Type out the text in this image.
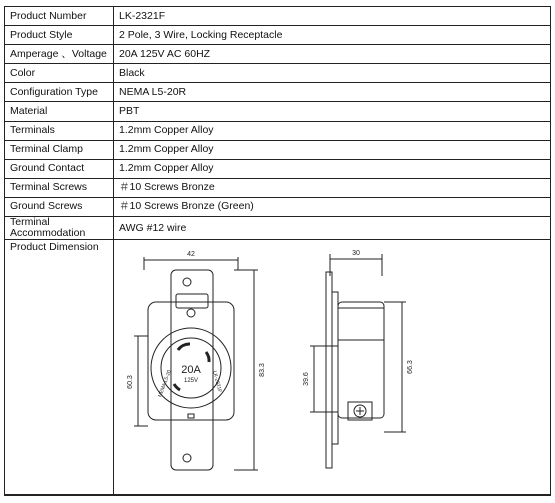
Product Number	LK-2321F
Product Style	2 Pole, 3 Wire, Locking Receptacle
Amperage 、Voltage	20A 125V AC 60HZ
Color	Black
Configuration Type	NEMA L5-20R
Material	PBT
Terminals	1.2mm Copper Alloy
Terminal Clamp	1.2mm Copper Alloy
Ground Contact	1.2mm Copper Alloy
Terminal Screws	＃10 Screws Bronze
Ground Screws	＃10 Screws Bronze (Green)
Terminal Accommodation	AWG #12 wire
Product Dimension	
42
60.3
83.3
20A
125V
NEMA L5-20	LK-2321F
30
39.6
66.3
